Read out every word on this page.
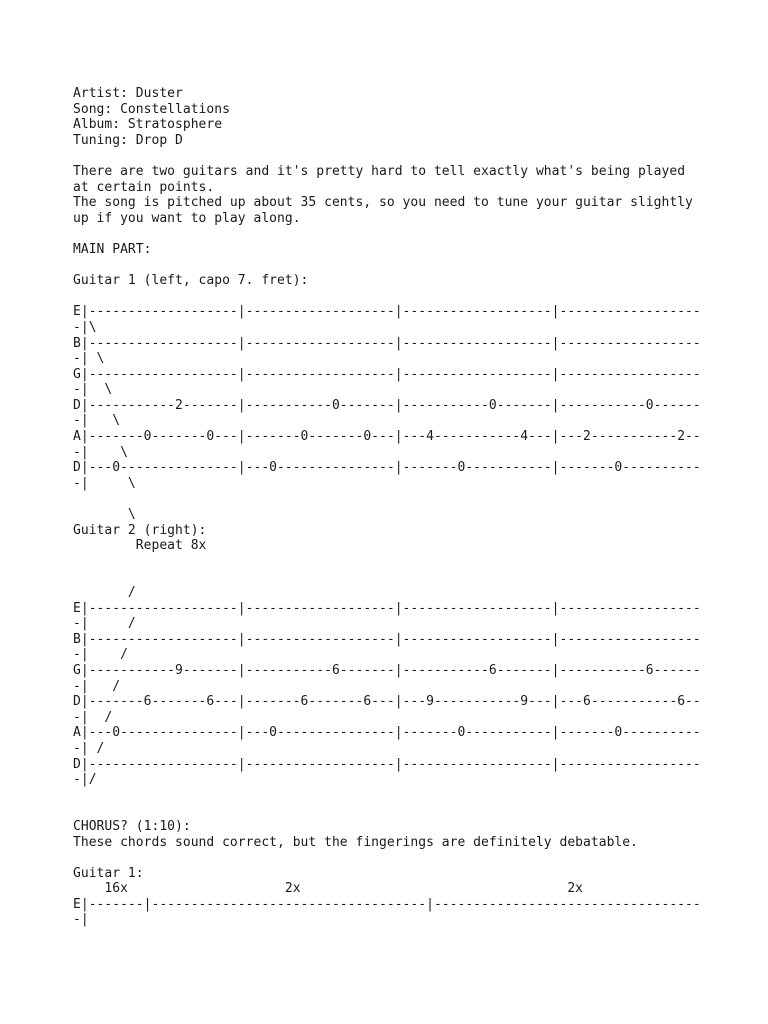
Artist: Duster
Song: Constellations
Album: Stratosphere
Tuning: Drop D
There are two guitars and it's pretty hard to tell exactly what's being played
at certain points.
The song is pitched up about 35 cents, so you need to tune your guitar slightly
up if you want to play along.
MAIN PART:
Guitar 1 (left, capo 7. fret):
E|-------------------|-------------------|-------------------|------------------
-|\
B|-------------------|-------------------|-------------------|------------------
-| \
G|-------------------|-------------------|-------------------|------------------
-|  \
D|-----------2-------|-----------0-------|-----------0-------|-----------0------
-|   \
A|-------0-------0---|-------0-------0---|---4-----------4---|---2-----------2--
-|    \
D|---0---------------|---0---------------|-------0-----------|-------0----------
-|     \
\
Guitar 2 (right):
Repeat 8x
/
E|-------------------|-------------------|-------------------|------------------
-|     /
B|-------------------|-------------------|-------------------|------------------
-|    /
G|-----------9-------|-----------6-------|-----------6-------|-----------6------
-|   /
D|-------6-------6---|-------6-------6---|---9-----------9---|---6-----------6--
-|  /
A|---0---------------|---0---------------|-------0-----------|-------0----------
-| /
D|-------------------|-------------------|-------------------|------------------
-|/
CHORUS? (1:10):
These chords sound correct, but the fingerings are definitely debatable.
Guitar 1:
16x                    2x                                  2x
E|-------|-----------------------------------|----------------------------------
-|
